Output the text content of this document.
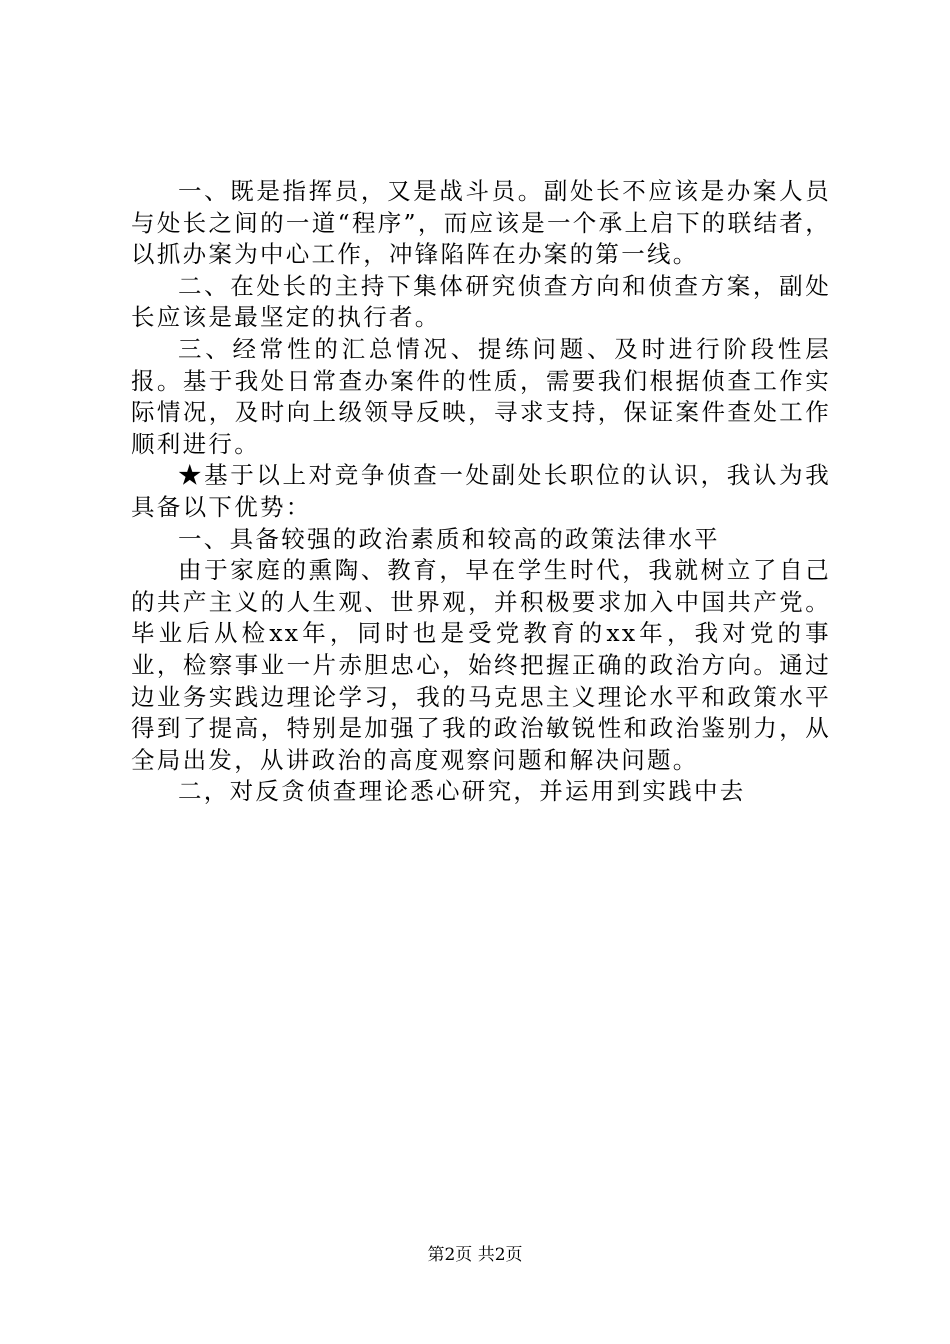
一、既是指挥员，又是战斗员。副处长不应该是办案人员与处长之间的一道“程序”，而应该是一个承上启下的联结者，以抓办案为中心工作，冲锋陷阵在办案的第一线。

二、在处长的主持下集体研究侦查方向和侦查方案，副处长应该是最坚定的执行者。

三、经常性的汇总情况、提练问题、及时进行阶段性层报。基于我处日常查办案件的性质，需要我们根据侦查工作实际情况，及时向上级领导反映，寻求支持，保证案件查处工作顺利进行。

★基于以上对竞争侦查一处副处长职位的认识，我认为我具备以下优势：

一、具备较强的政治素质和较高的政策法律水平

由于家庭的熏陶、教育，早在学生时代，我就树立了自己的共产主义的人生观、世界观，并积极要求加入中国共产党。毕业后从检xx年，同时也是受党教育的xx年，我对党的事业，检察事业一片赤胆忠心，始终把握正确的政治方向。通过边业务实践边理论学习，我的马克思主义理论水平和政策水平得到了提高，特别是加强了我的政治敏锐性和政治鉴别力，从全局出发，从讲政治的高度观察问题和解决问题。

二，对反贪侦查理论悉心研究，并运用到实践中去

第2页 共2页
